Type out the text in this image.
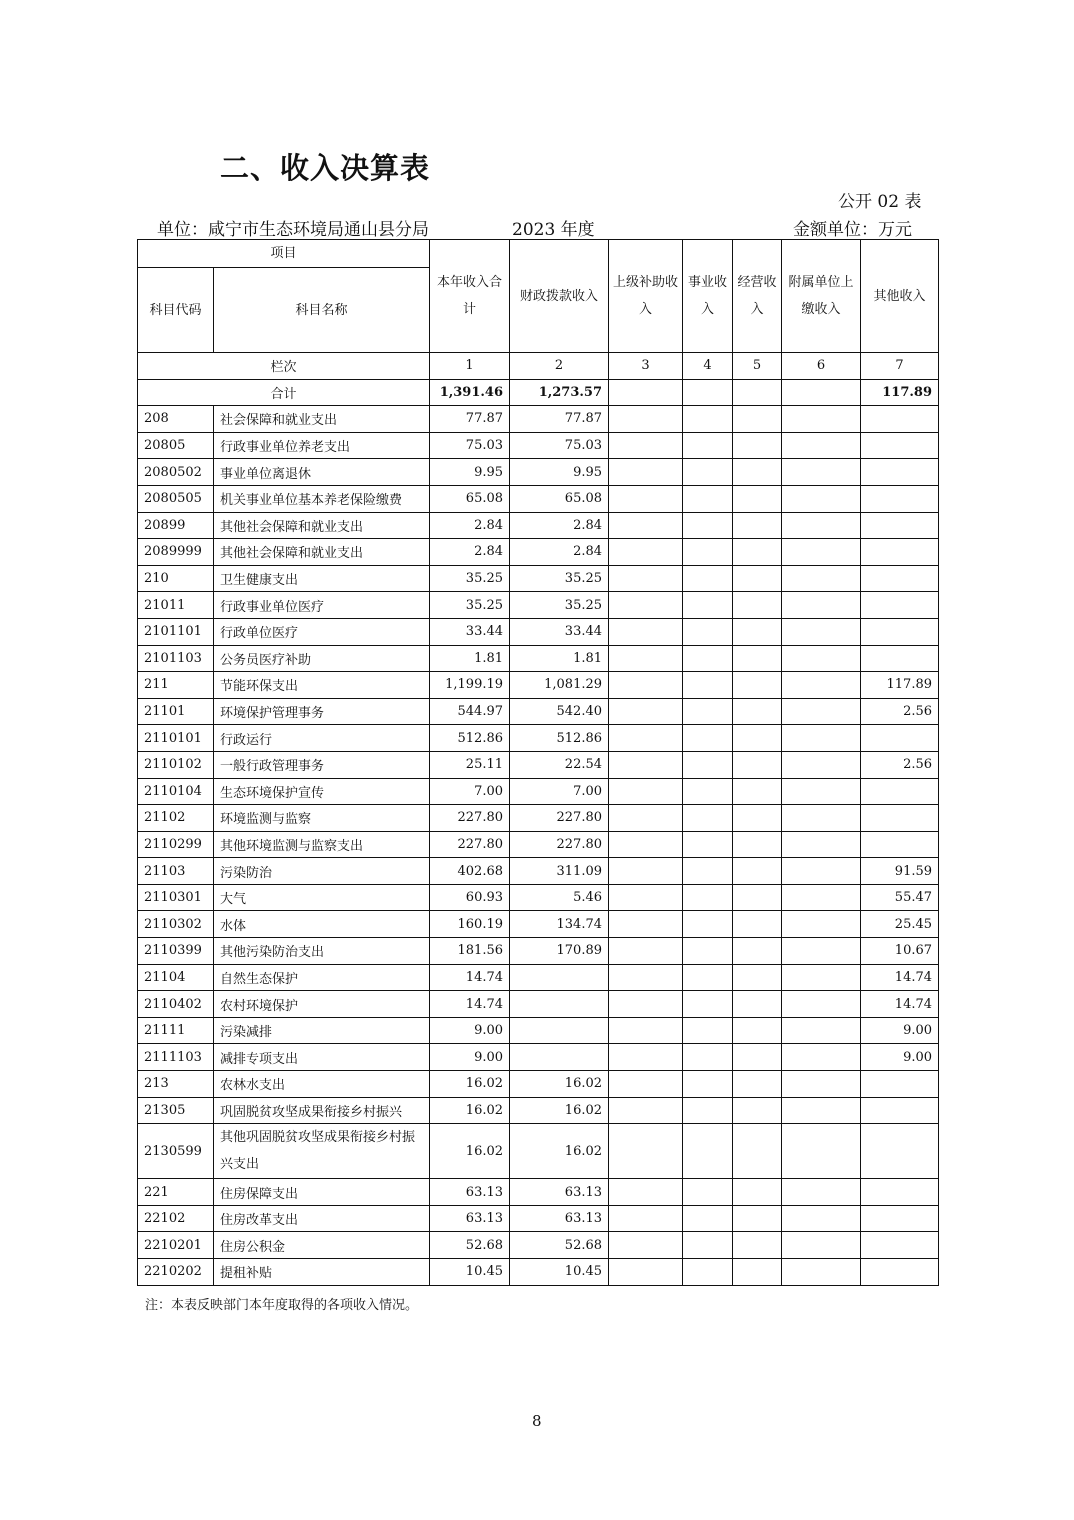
二、收入决算表
公开 02 表
单位：咸宁市生态环境局通山县分局	2023 年度	金额单位：万元
项目		本年收入合计	财政拨款收入	上级补助收入	事业收入	经营收入	附属单位上缴收入	其他收入
科目代码	科目名称							
栏次		1	2	3	4	5	6	7
合计		1,391.46	1,273.57					117.89
208	社会保障和就业支出	77.87	77.87					
20805	行政事业单位养老支出	75.03	75.03					
2080502	事业单位离退休	9.95	9.95					
2080505	机关事业单位基本养老保险缴费	65.08	65.08					
20899	其他社会保障和就业支出	2.84	2.84					
2089999	其他社会保障和就业支出	2.84	2.84					
210	卫生健康支出	35.25	35.25					
21011	行政事业单位医疗	35.25	35.25					
2101101	行政单位医疗	33.44	33.44					
2101103	公务员医疗补助	1.81	1.81					
211	节能环保支出	1,199.19	1,081.29					117.89
21101	环境保护管理事务	544.97	542.40					2.56
2110101	行政运行	512.86	512.86					
2110102	一般行政管理事务	25.11	22.54					2.56
2110104	生态环境保护宣传	7.00	7.00					
21102	环境监测与监察	227.80	227.80					
2110299	其他环境监测与监察支出	227.80	227.80					
21103	污染防治	402.68	311.09					91.59
2110301	大气	60.93	5.46					55.47
2110302	水体	160.19	134.74					25.45
2110399	其他污染防治支出	181.56	170.89					10.67
21104	自然生态保护	14.74						14.74
2110402	农村环境保护	14.74						14.74
21111	污染减排	9.00						9.00
2111103	减排专项支出	9.00						9.00
213	农林水支出	16.02	16.02					
21305	巩固脱贫攻坚成果衔接乡村振兴	16.02	16.02					
2130599	其他巩固脱贫攻坚成果衔接乡村振兴支出	16.02	16.02					
221	住房保障支出	63.13	63.13					
22102	住房改革支出	63.13	63.13					
2210201	住房公积金	52.68	52.68					
2210202	提租补贴	10.45	10.45					
注：本表反映部门本年度取得的各项收入情况。
8
